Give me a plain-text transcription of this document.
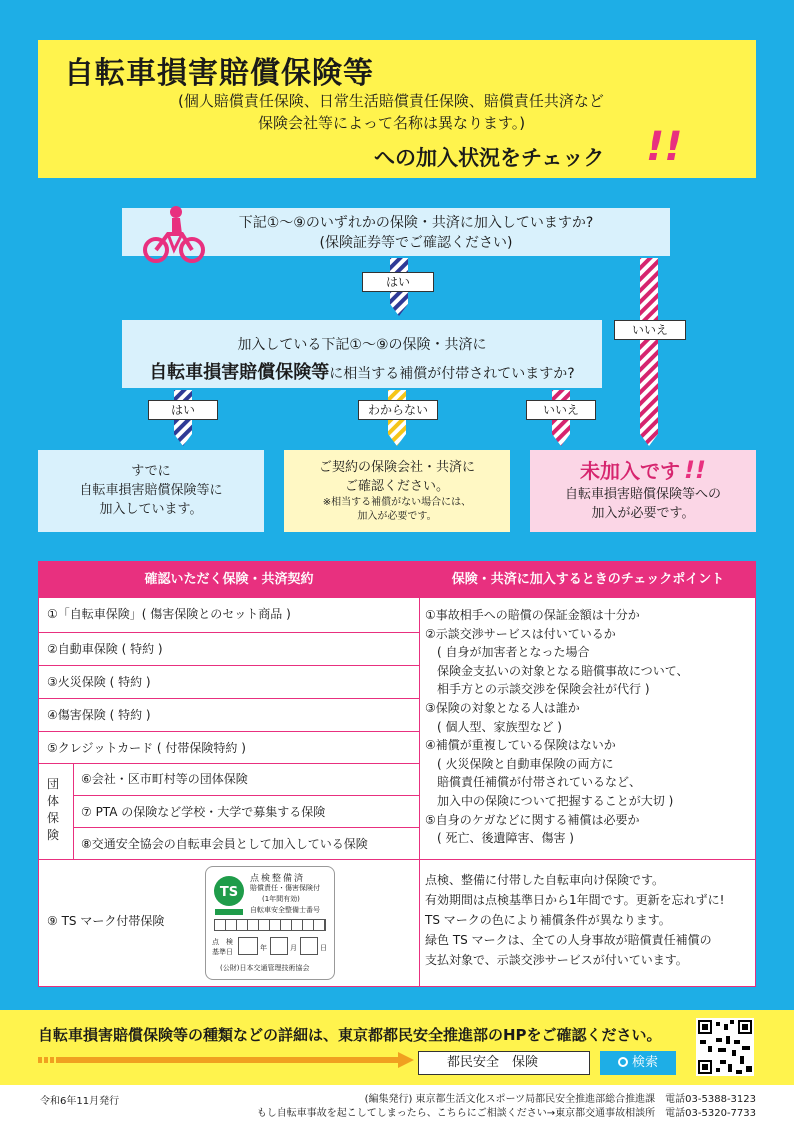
自転車損害賠償保険等
(個人賠償責任保険、日常生活賠償責任保険、賠償責任共済など
保険会社等によって名称は異なります。)
への加入状況をチェック !!
下記①～⑨のいずれかの保険・共済に加入していますか?
(保険証券等でご確認ください)
はい
いいえ
加入している下記①～⑨の保険・共済に
自転車損害賠償保険等に相当する補償が付帯されていますか?
はい	わからない	いいえ
すでに
自転車損害賠償保険等に
加入しています。
ご契約の保険会社・共済に
ご確認ください。
※相当する補償がない場合には、
加入が必要です。
未加入です !!
自転車損害賠償保険等への
加入が必要です。
確認いただく保険・共済契約	保険・共済に加入するときのチェックポイント
①「自転車保険」( 傷害保険とのセット商品 )
②自動車保険 ( 特約 )
③火災保険 ( 特約 )
④傷害保険 ( 特約 )
⑤クレジットカード ( 付帯保険特約 )
団体保険
⑥会社・区市町村等の団体保険
⑦ PTA の保険など学校・大学で募集する保険
⑧交通安全協会の自転車会員として加入している保険
⑨ TS マーク付帯保険
TS
点検整備済
賠償責任・傷害保険付
(1年間有効)
自転車安全整備士番号
点　検
基準日	年	月	日
(公財)日本交通管理技術協会
①事故相手への賠償の保証金額は十分か
②示談交渉サービスは付いているか
( 自身が加害者となった場合
保険金支払いの対象となる賠償事故について、
相手方との示談交渉を保険会社が代行 )
③保険の対象となる人は誰か
( 個人型、家族型など )
④補償が重複している保険はないか
( 火災保険と自動車保険の両方に
賠償責任補償が付帯されているなど、
加入中の保険について把握することが大切 )
⑤自身のケガなどに関する補償は必要か
( 死亡、後遺障害、傷害 )
点検、整備に付帯した自転車向け保険です。
有効期間は点検基準日から1年間です。更新を忘れずに!
TS マークの色により補償条件が異なります。
緑色 TS マークは、全ての人身事故が賠償責任補償の
支払対象で、示談交渉サービスが付いています。
自転車損害賠償保険等の種類などの詳細は、東京都都民安全推進部のHPをご確認ください。
都民安全　保険	検索
令和6年11月発行	(編集発行) 東京都生活文化スポーツ局都民安全推進部総合推進課　電話03-5388-3123
もし自転車事故を起こしてしまったら、こちらにご相談ください→東京都交通事故相談所　電話03-5320-7733
